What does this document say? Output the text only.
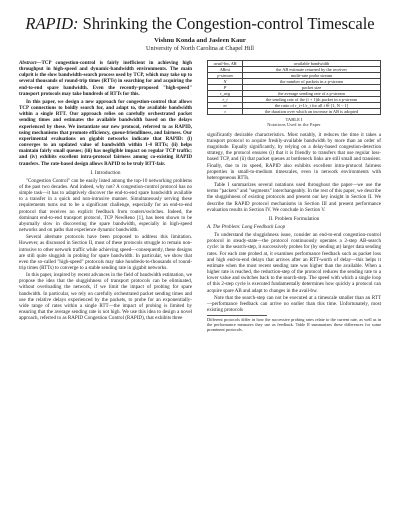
RAPID: Shrinking the Congestion-control Timescale
Vishnu Konda and Jasleen Kaur
University of North Carolina at Chapel Hill
Abstract—TCP congestion-control is fairly inefficient in achieving high throughput in high-speed and dynamic-bandwidth environments. The main culprit is the slow bandwidth-search process used by TCP, which may take up to several thousands of round-trip times (RTTs) in searching for and acquiring the end-to-end spare bandwidth. Even the recently-proposed "high-speed" transport protocols may take hundreds of RTTs for this.
In this paper, we design a new approach for congestion-control that allows TCP connections to boldly search for, and adapt to, the available bandwidth within a single RTT. Our approach relies on carefully orchestrated packet sending times and estimates the available bandwidth based on the delays experienced by these. We instantiate our new protocol, referred to as RAPID, using mechanisms that promote efficiency, queue-friendliness, and fairness. Our experimental evaluations on gigabit networks indicate that RAPID: (i) converges to an updated value of bandwidth within 1-4 RTTs; (ii) helps maintain fairly small queues; (iii) has negligible impact on regular TCP traffic; and (iv) exhibits excellent intra-protocol fairness among co-existing RAPID transfers. The rate-based design allows RAPID to be truly RTT-fair.
I. Introduction

"Congestion Control" can be easily listed among the top-10 networking problems of the past two decades. And indeed, why not? A congestion-control protocol has no simple task—it has to adaptively discover the end-to-end spare bandwidth available to a transfer in a quick and non-intrusive manner. Simultaneously serving these requirements turns out to be a significant challenge, especially for an end-to-end protocol that receives no explicit feedback from routers/switches. Indeed, the dominant end-to-end transport protocol, TCP NewReno [1], has been shown to be abysmally slow in discovering the spare bandwidth, especially in high-speed networks and on paths that experience dynamic bandwidth.

Several alternate protocols have been proposed to address this limitation. However, as discussed in Section II, most of these protocols struggle to remain non-intrusive to other network traffic while achieving speed—consequently, these designs are still quite sluggish in probing for spare bandwidth. In particular, we show that even the so-called "high-speed" protocols may take hundreds-to-thousands of round-trip times (RTTs) to converge to a stable sending rate in gigabit networks.

In this paper, inspired by recent advances in the field of bandwidth estimation, we propose the idea that the sluggishness of transport protocols can be eliminated, without overloading the network, if we limit the impact of probing for spare bandwidth. In particular, we rely on carefully orchestrated packet sending times and use the relative delays experienced by the packets, to probe for an exponentially-wide range of rates within a single RTT—the impact of probing is limited by ensuring that the average sending rate is not high. We use this idea to design a novel approach, referred to as RAPID Congestion Control (RAPID), that exhibits three

avail-bw, AB	available bandwidth
ABest	the AB estimate returned by the receiver
p-stream	multi-rate probe stream
N	the number of packets in a p-stream
P	packet size
r_avg	the average sending rate of a p-stream
r_i	the sending rate of the (i + 1)th packet in a p-stream
m	the ratio of r_i+1/r_i for all i ∈ [1, N − 1]
τ	the duration over which an increase in AB is adopted
TABLE I
Notations Used in the Paper

significantly desirable characteristics. Most notably, it reduces the time it takes a transport protocol to acquire freshly-available bandwidth by more than an order of magnitude. Equally significantly, by relying on a delay-based congestion-detection strategy, the protocol ensures (i) that it is friendly to transfers that use regular loss-based TCP, and (ii) that packet queues at bottleneck links are still small and transient. Finally, due to its speed, RAPID also exhibits excellent intra-protocol fairness properties in small-to-medium timescales, even in network environments with heterogeneous RTTs.

Table I summarizes several notations used throughout the paper—we use the terms "packets" and "segments" interchangeably. In the rest of this paper, we describe the sluggishness of existing protocols and present our key insight in Section II. We describe the RAPID protocol mechanisms in Section III and present performance evaluation results in Section IV. We conclude in Section V.

II. Problem Formulation
A. The Problem: Long Feedback Loop

To understand the sluggishness issue, consider an end-to-end congestion-control protocol in steady-state—the protocol continuously operates a 2-step AB-search cycle: in the search-step, it successively probes for (by sending at) larger data sending rates. For each rate probed at, it examines performance feedback such as packet loss and high end-to-end delays that arrives after an RTT-worth of delay—this helps it estimate when the most recent sending rate was higher than the available. When a higher rate is reached, the reduction-step of the protocol reduces the sending rate to a lower value and switches back to the search-step. The speed with which a single loop of this 2-step cycle is executed fundamentally determines how quickly a protocol can acquire spare AB and adapt to changes in the avail-bw.

Note that the search-step can not be executed at a timescale smaller than an RTT—performance feedback can arrive no earlier than this time. Unfortunately, most existing protocols

Different protocols differ in how the successive probing rates relate to the current rate, as well as in the performance measures they use as feedback. Table II summarizes these differences for some prominent protocols.
